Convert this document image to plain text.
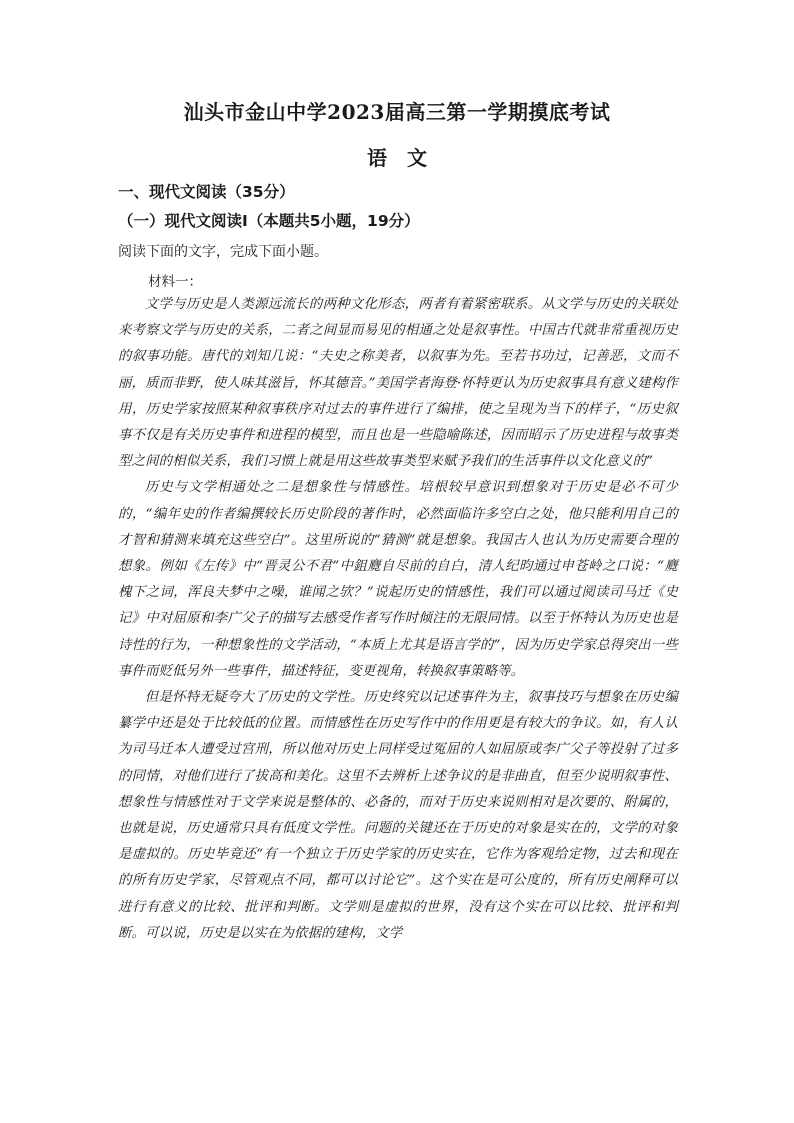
汕头市金山中学2023届高三第一学期摸底考试
语　文
一、现代文阅读（35分）
（一）现代文阅读Ⅰ（本题共5小题，19分）
阅读下面的文字，完成下面小题。
材料一：

文学与历史是人类源远流长的两种文化形态，两者有着紧密联系。从文学与历史的关联处来考察文学与历史的关系，二者之间显而易见的相通之处是叙事性。中国古代就非常重视历史的叙事功能。唐代的刘知几说：“夫史之称美者，以叙事为先。至若书功过，记善恶，文而不丽，质而非野，使人味其滋旨，怀其德音。”美国学者海登·怀特更认为历史叙事具有意义建构作用，历史学家按照某种叙事秩序对过去的事件进行了编排，使之呈现为当下的样子，“历史叙事不仅是有关历史事件和进程的模型，而且也是一些隐喻陈述，因而昭示了历史进程与故事类型之间的相似关系，我们习惯上就是用这些故事类型来赋予我们的生活事件以文化意义的”

历史与文学相通处之二是想象性与情感性。培根较早意识到想象对于历史是必不可少的，“编年史的作者编撰较长历史阶段的著作时，必然面临许多空白之处，他只能利用自己的才智和猜测来填充这些空白”。这里所说的“猜测”就是想象。我国古人也认为历史需要合理的想象。例如《左传》中“晋灵公不君”中鉏麑自尽前的自白，清人纪昀通过申苍岭之口说：“麑槐下之词，浑良夫梦中之噪，谁闻之欤？”说起历史的情感性，我们可以通过阅读司马迁《史记》中对屈原和李广父子的描写去感受作者写作时倾注的无限同情。以至于怀特认为历史也是诗性的行为，一种想象性的文学活动，“本质上尤其是语言学的”，因为历史学家总得突出一些事件而贬低另外一些事件，描述特征，变更视角，转换叙事策略等。

但是怀特无疑夸大了历史的文学性。历史终究以记述事件为主，叙事技巧与想象在历史编纂学中还是处于比较低的位置。而情感性在历史写作中的作用更是有较大的争议。如，有人认为司马迁本人遭受过宫刑，所以他对历史上同样受过冤屈的人如屈原或李广父子等投射了过多的同情，对他们进行了拔高和美化。这里不去辨析上述争议的是非曲直，但至少说明叙事性、想象性与情感性对于文学来说是整体的、必备的，而对于历史来说则相对是次要的、附属的，也就是说，历史通常只具有低度文学性。问题的关键还在于历史的对象是实在的，文学的对象是虚拟的。历史毕竟还“有一个独立于历史学家的历史实在，它作为客观给定物，过去和现在的所有历史学家，尽管观点不同，都可以讨论它”。这个实在是可公度的，所有历史阐释可以进行有意义的比较、批评和判断。文学则是虚拟的世界，没有这个实在可以比较、批评和判断。可以说，历史是以实在为依据的建构，文学
